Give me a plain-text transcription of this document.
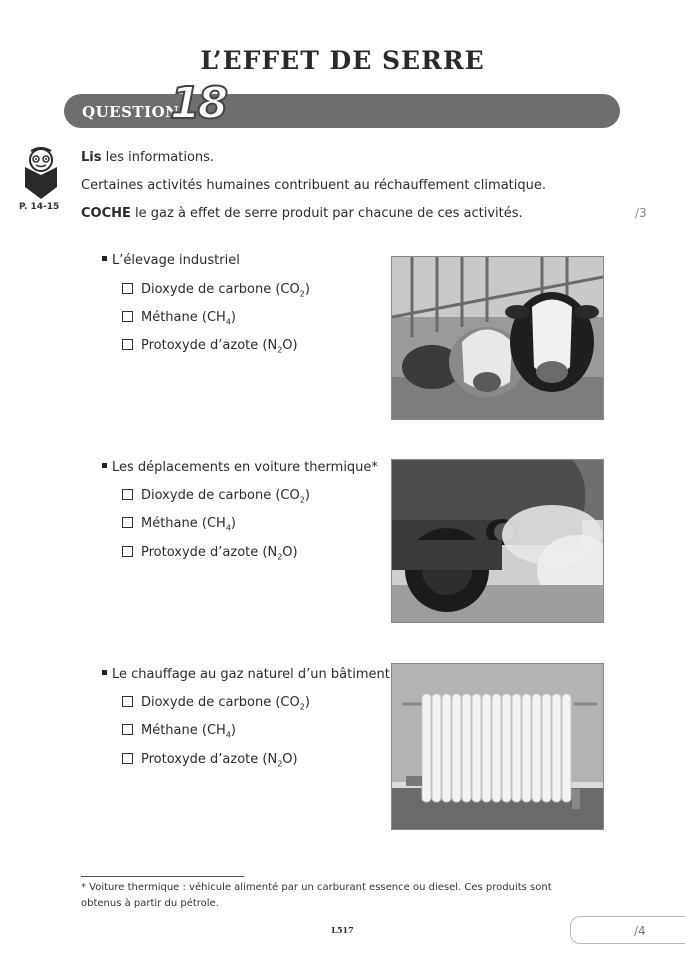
L’EFFET DE SERRE
QUESTION
18
P. 14-15
Lis les informations.
Certaines activités humaines contribuent au réchauffement climatique.
COCHE le gaz à effet de serre produit par chacune de ces activités.	/3
L’élevage industriel
Dioxyde de carbone $(CO_2)$
Méthane $(CH_4)$
Protoxyde d’azote $(N_2O)$
Les déplacements en voiture thermique*
Dioxyde de carbone $(CO_2)$
Méthane $(CH_4)$
Protoxyde d’azote $(N_2O)$
Le chauffage au gaz naturel d’un bâtiment
Dioxyde de carbone $(CO_2)$
Méthane $(CH_4)$
Protoxyde d’azote $(N_2O)$
* Voiture thermique : véhicule alimenté par un carburant essence ou diesel. Ces produits sont obtenus à partir du pétrole.
L517	/4
